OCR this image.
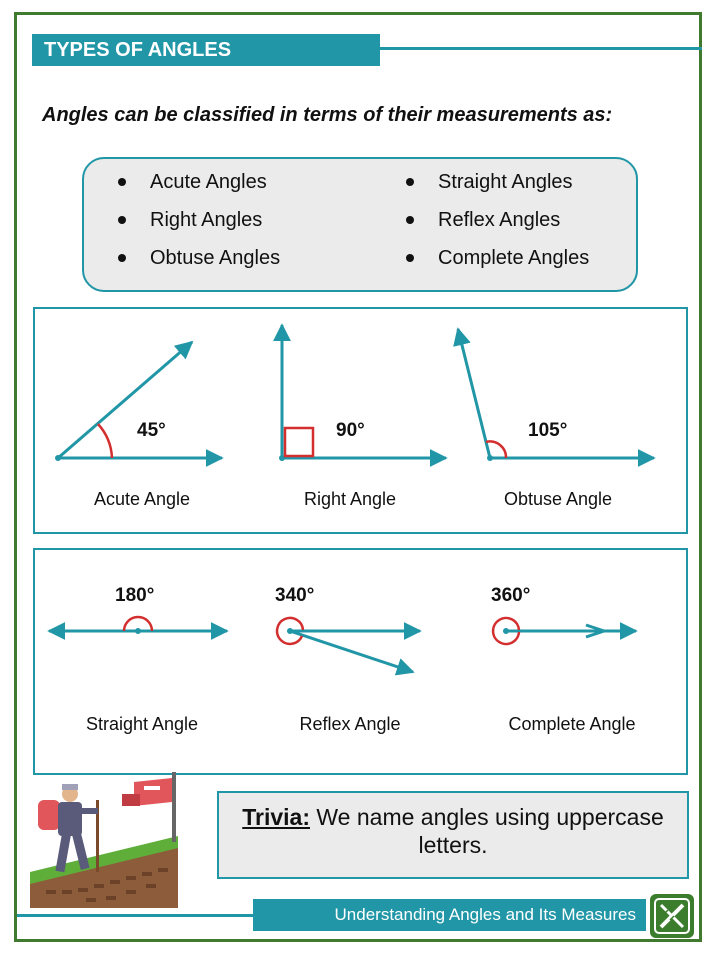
TYPES OF ANGLES
Angles can be classified in terms of their measurements as:
Acute Angles
Right Angles
Obtuse Angles
Straight Angles
Reflex Angles
Complete Angles
45°
Acute Angle
90°
Right Angle
105°
Obtuse Angle
180°
Straight Angle
340°
Reflex Angle
360°
Complete Angle
Trivia: We name angles using uppercase letters.
Understanding Angles and Its Measures
